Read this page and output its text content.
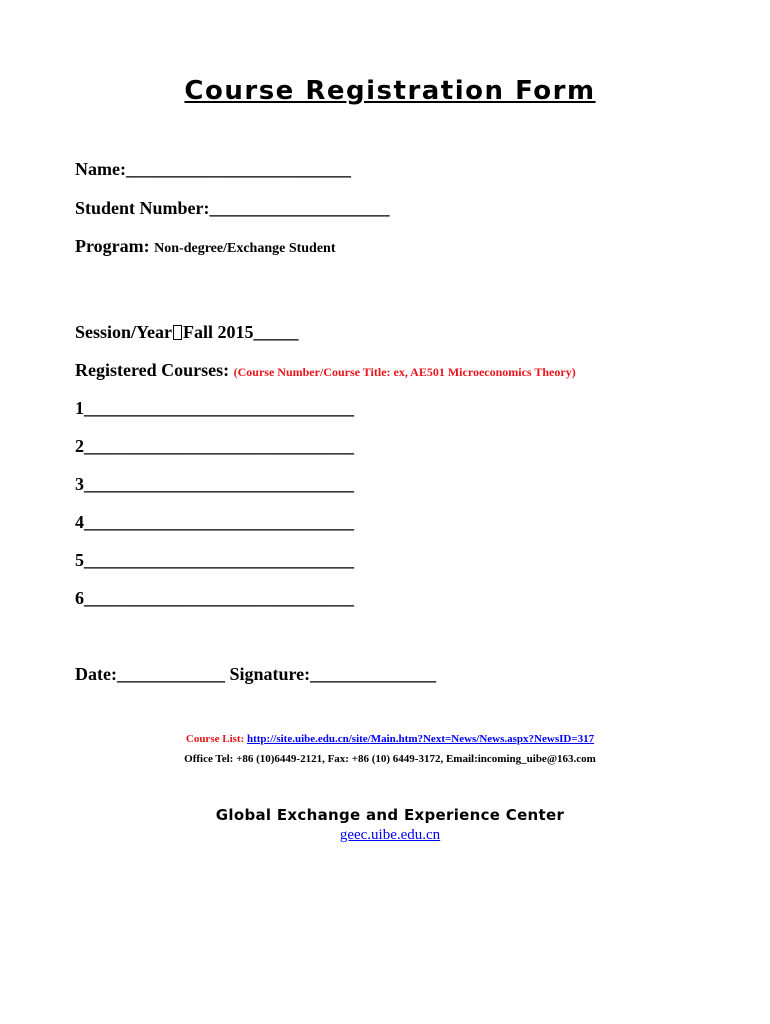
Course Registration Form
Name:_________________________
Student Number:____________________
Program: Non-degree/Exchange Student
Session/Year Fall 2015_____
Registered Courses: (Course Number/Course Title: ex, AE501 Microeconomics Theory)
1______________________________
2______________________________
3______________________________
4______________________________
5______________________________
6______________________________
Date:____________ Signature:______________
Course List: http://site.uibe.edu.cn/site/Main.htm?Next=News/News.aspx?NewsID=317
Office Tel: +86 (10)6449-2121, Fax: +86 (10) 6449-3172, Email:incoming_uibe@163.com
Global Exchange and Experience Center
geec.uibe.edu.cn
